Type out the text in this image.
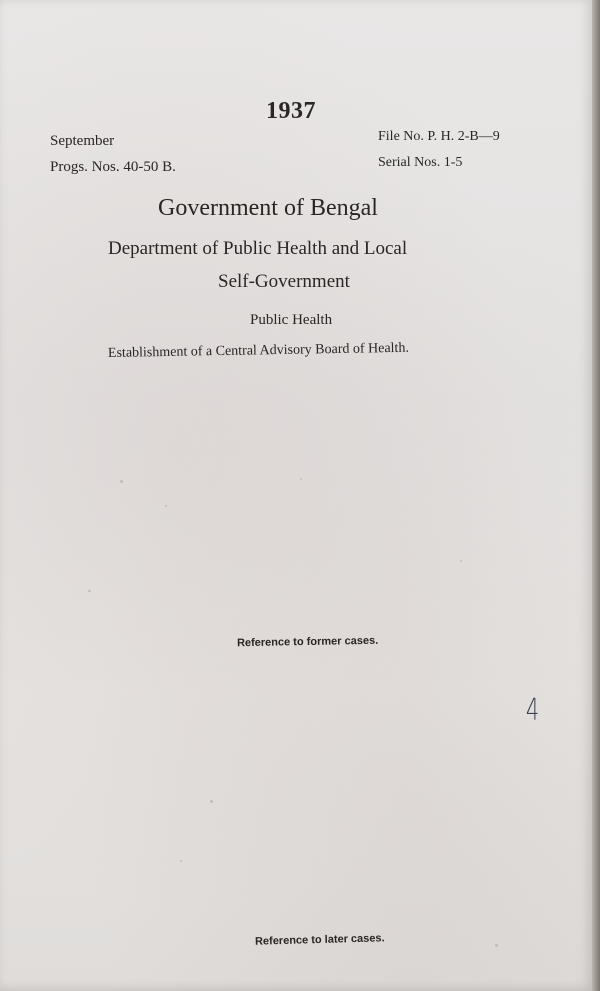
1937
September
Progs. Nos. 40-50 B.
File No. P. H. 2-B—9
Serial Nos. 1-5
Government of Bengal
Department of Public Health and Local
Self-Government
Public Health
Establishment of a Central Advisory Board of Health.
Reference to former cases.
4
Reference to later cases.
